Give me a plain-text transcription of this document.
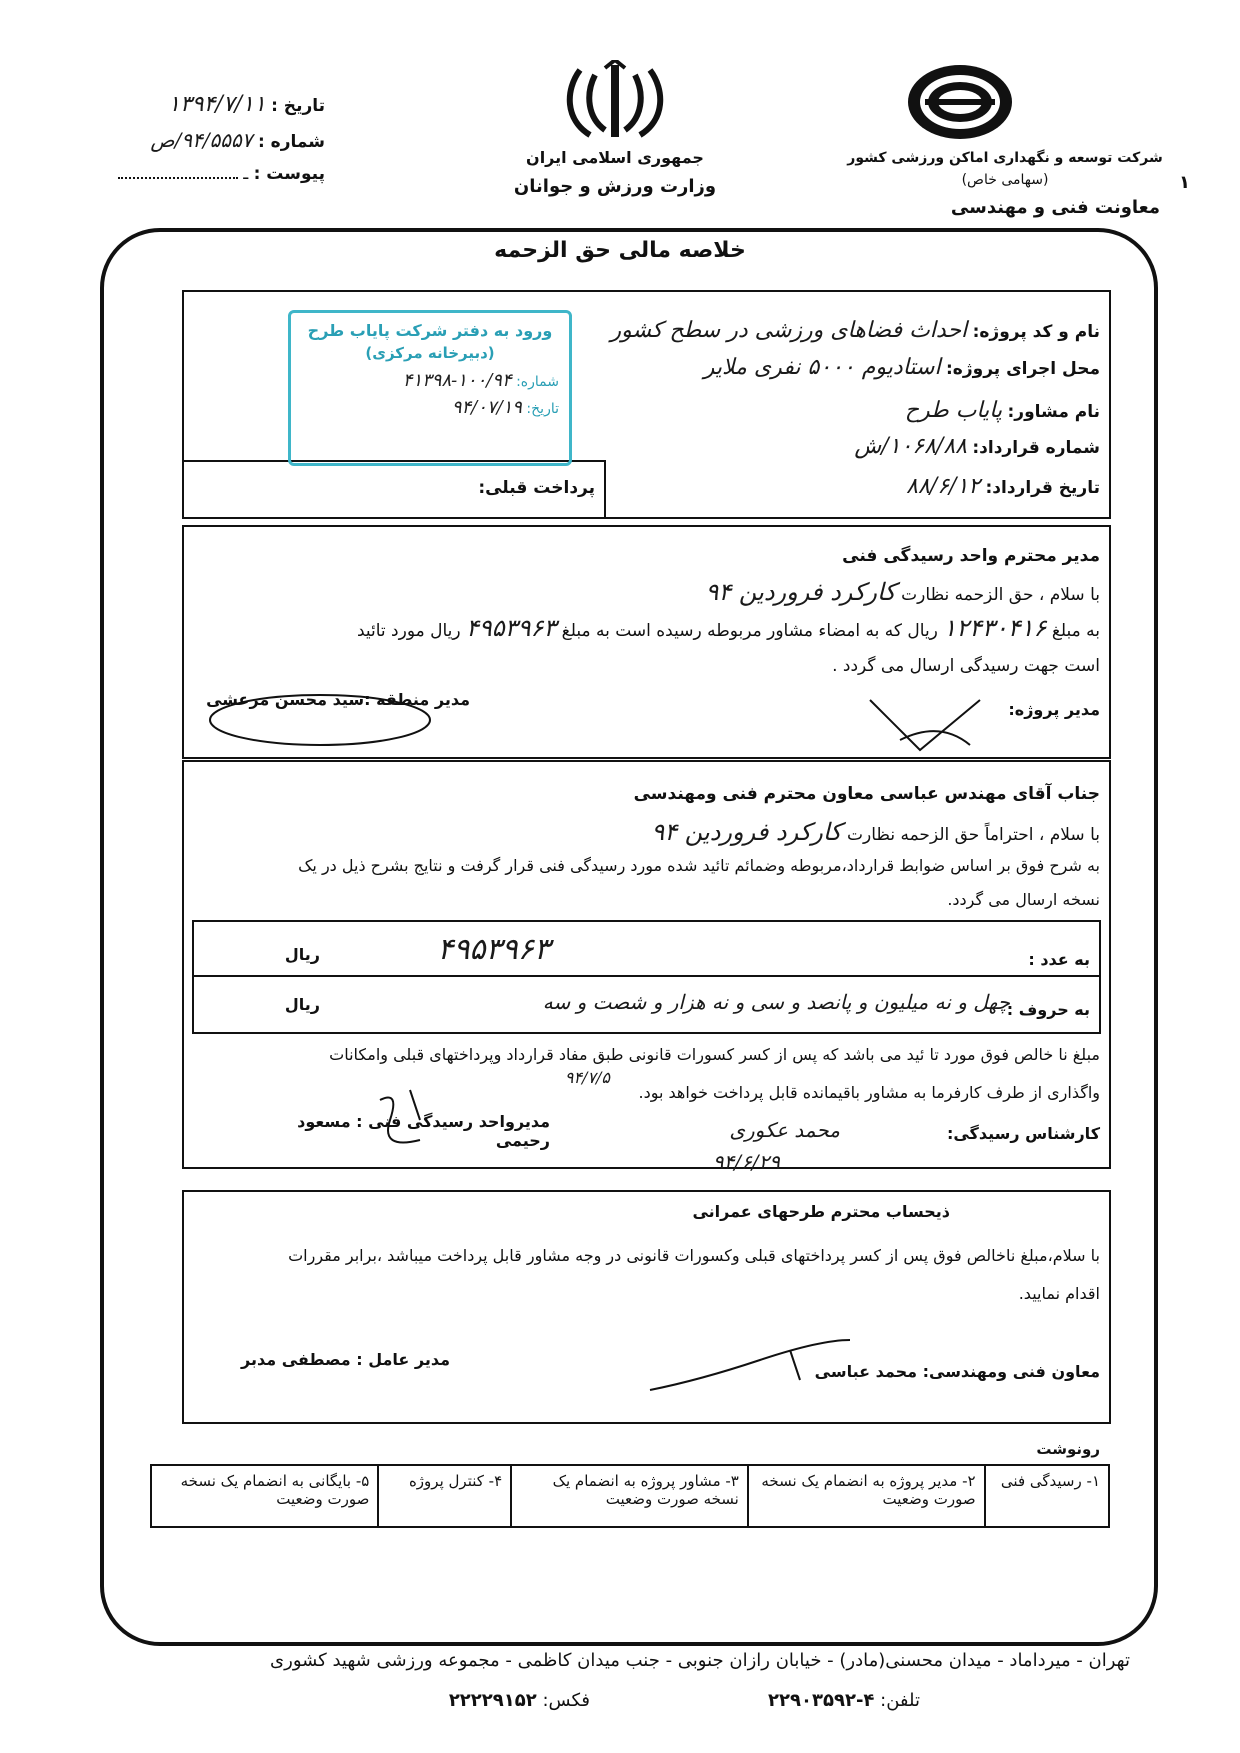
تاریخ : ۱۳۹۴/۷/۱۱
شماره : ۹۴/۵۵۵۷/ص
پیوست : ـ
جمهوری اسلامی ایران
وزارت ورزش و جوانان
شرکت توسعه و نگهداری اماکن ورزشی کشور
(سهامی خاص)	۱
معاونت فنی و مهندسی
خلاصه مالی حق الزحمه
نام و کد پروژه: احداث فضاهای ورزشی در سطح کشور
محل اجرای پروژه: استادیوم ۵۰۰۰ نفری ملایر
نام مشاور: پایاب طرح
شماره قرارداد: ۱۰۶۸/۸۸/ش
تاریخ قرارداد: ۸۸/۶/۱۲
پرداخت قبلی:
ورود به دفتر شرکت پایاب طرح
(دبیرخانه مرکزی)
شماره: ۱۰۰/۹۴-۴۱۳۹۸
تاریخ: ۹۴/۰۷/۱۹
مدیر محترم واحد رسیدگی فنی
با سلام ، حق الزحمه نظارت کارکرد فروردین ۹۴
به مبلغ ۱۲۴۳۰۴۱۶ ریال که به امضاء مشاور مربوطه رسیده است به مبلغ ۴۹۵۳۹۶۳ ریال مورد تائید
است جهت رسیدگی ارسال می گردد .
مدیر منطقه :سید محسن مرعشی
مدیر پروژه:
جناب آقای مهندس عباسی معاون محترم فنی ومهندسی
با سلام ، احتراماً حق الزحمه نظارت کارکرد فروردین ۹۴
به شرح فوق بر اساس ضوابط قرارداد،مربوطه وضمائم تائید شده مورد رسیدگی فنی قرار گرفت و نتایج بشرح ذیل در یک
نسخه ارسال می گردد.
به عدد :
۴۹۵۳۹۶۳
ریال
به حروف :
چهل و نه میلیون و پانصد و سی و نه هزار و شصت و سه
ریال
مبلغ نا خالص فوق مورد تا ئید می باشد که پس از کسر کسورات قانونی طبق مفاد قرارداد وپرداختهای قبلی وامکانات
واگذاری از طرف کارفرما به مشاور باقیمانده قابل پرداخت خواهد بود.
۹۴/۷/۵
مدیرواحد رسیدگی فنی : مسعود رحیمی	کارشناس رسیدگی:
محمد عکوری
۹۴/۶/۲۹
ذیحساب محترم طرحهای عمرانی
با سلام،مبلغ ناخالص فوق پس از کسر پرداختهای قبلی وکسورات قانونی در وجه مشاور قابل پرداخت میباشد ،برابر مقررات
اقدام نمایید.
مدیر عامل : مصطفی مدبر
معاون فنی ومهندسی: محمد عباسی
رونوشت
۱- رسیدگی فنی	۲- مدیر پروژه به انضمام یک نسخه صورت وضعیت	۳- مشاور پروژه به انضمام یک نسخه صورت وضعیت	۴- کنترل پروژه	۵- بایگانی به انضمام یک نسخه صورت وضعیت
تهران - میرداماد - میدان محسنی(مادر) - خیابان رازان جنوبی - جنب میدان کاظمی - مجموعه ورزشی شهید کشوری
تلفن: ۴-۲۲۹۰۳۵۹۲
فکس: ۲۲۲۲۹۱۵۲
